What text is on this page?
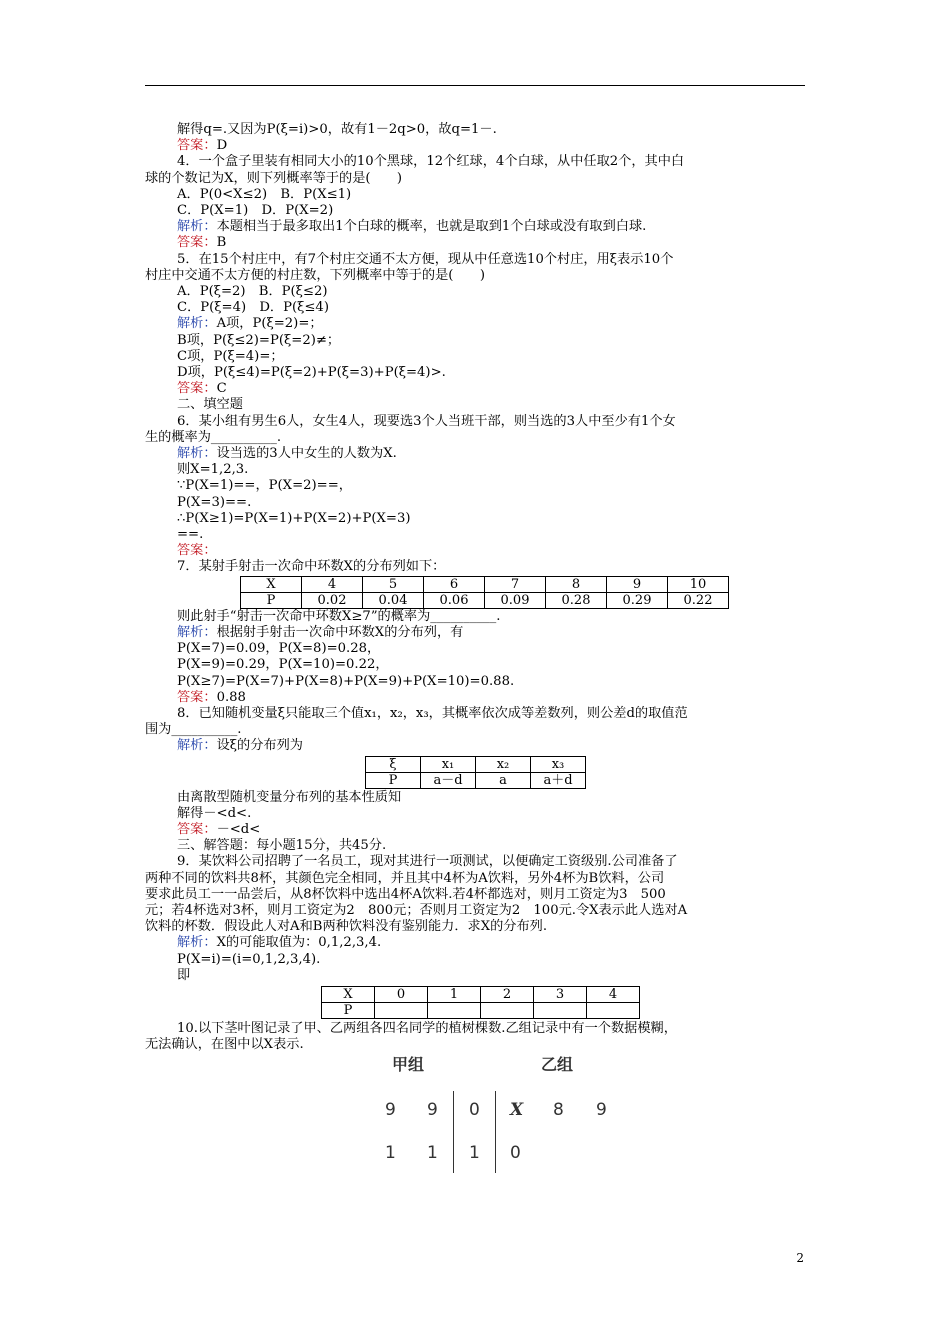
解得q=.又因为P(ξ=i)>0，故有1－2q>0，故q=1－.
答案：D
4．一个盒子里装有相同大小的10个黑球，12个红球，4个白球，从中任取2个，其中白
球的个数记为X，则下列概率等于的是(　　)
A．P(0<X≤2)　B．P(X≤1)
C．P(X=1)　D．P(X=2)
解析：本题相当于最多取出1个白球的概率，也就是取到1个白球或没有取到白球.
答案：B
5．在15个村庄中，有7个村庄交通不太方便，现从中任意选10个村庄，用ξ表示10个
村庄中交通不太方便的村庄数，下列概率中等于的是(　　)
A．P(ξ=2)　B．P(ξ≤2)
C．P(ξ=4)　D．P(ξ≤4)
解析：A项，P(ξ=2)=；
B项，P(ξ≤2)=P(ξ=2)≠；
C项，P(ξ=4)=；
D项，P(ξ≤4)=P(ξ=2)+P(ξ=3)+P(ξ=4)>.
答案：C
二、填空题
6．某小组有男生6人，女生4人，现要选3个人当班干部，则当选的3人中至少有1个女
生的概率为__________.
解析：设当选的3人中女生的人数为X.
则X=1,2,3.
∵P(X=1)==，P(X=2)==，
P(X=3)==.
∴P(X≥1)=P(X=1)+P(X=2)+P(X=3)
==.
答案：
7．某射手射击一次命中环数X的分布列如下：
X	4	5	6	7	8	9	10
P	0.02	0.04	0.06	0.09	0.28	0.29	0.22
则此射手“射击一次命中环数X≥7”的概率为__________.
解析：根据射手射击一次命中环数X的分布列，有
P(X=7)=0.09，P(X=8)=0.28，
P(X=9)=0.29，P(X=10)=0.22，
P(X≥7)=P(X=7)+P(X=8)+P(X=9)+P(X=10)=0.88.
答案：0.88
8．已知随机变量ξ只能取三个值x₁，x₂，x₃，其概率依次成等差数列，则公差d的取值范
围为__________.
解析：设ξ的分布列为
ξ	x₁	x₂	x₃
P	a－d	a	a＋d
由离散型随机变量分布列的基本性质知
解得－<d<.
答案：－<d<
三、解答题：每小题15分，共45分.
9．某饮料公司招聘了一名员工，现对其进行一项测试，以便确定工资级别.公司准备了
两种不同的饮料共8杯，其颜色完全相同，并且其中4杯为A饮料，另外4杯为B饮料，公司
要求此员工一一品尝后，从8杯饮料中选出4杯A饮料.若4杯都选对，则月工资定为3　500
元；若4杯选对3杯，则月工资定为2　800元；否则月工资定为2　100元.令X表示此人选对A
饮料的杯数．假设此人对A和B两种饮料没有鉴别能力．求X的分布列.
解析：X的可能取值为：0,1,2,3,4.
P(X=i)=(i=0,1,2,3,4).
即
X	0	1	2	3	4
P					
10.以下茎叶图记录了甲、乙两组各四名同学的植树棵数.乙组记录中有一个数据模糊，
无法确认，在图中以X表示.
甲组	乙组
9 9 0 X 8 9
1 1 1 0
2
